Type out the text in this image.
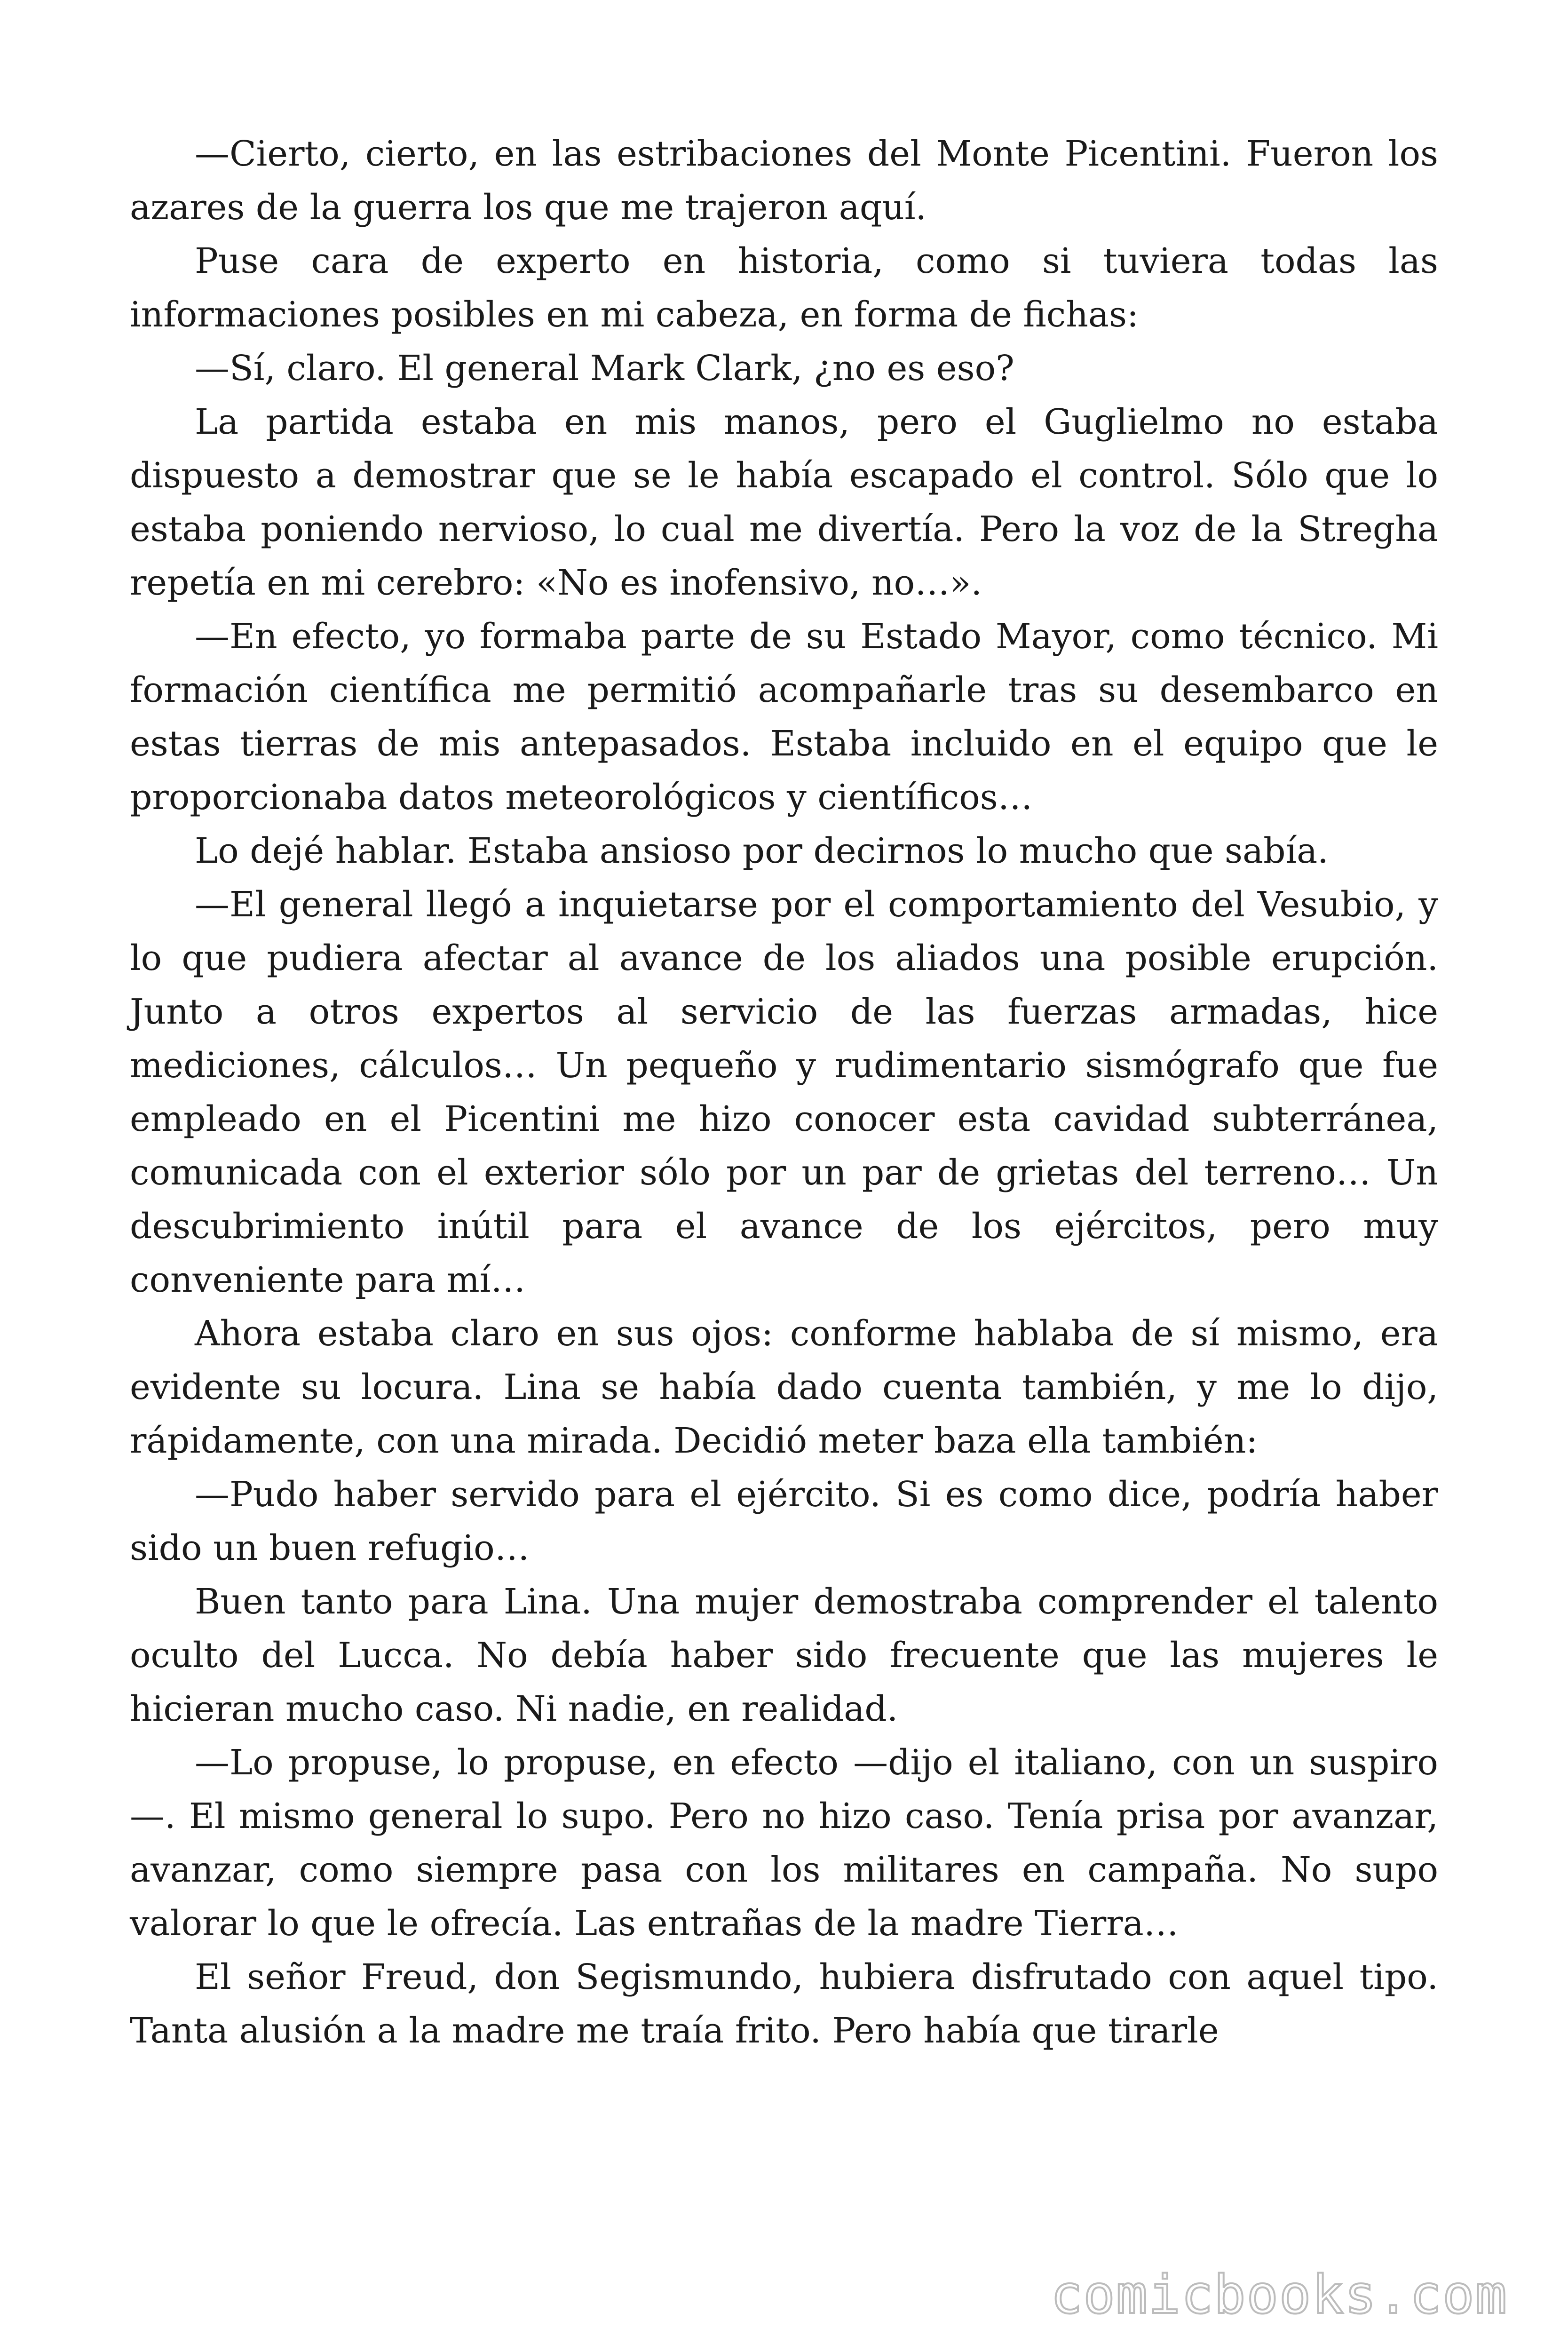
—Cierto, cierto, en las estribaciones del Monte Picentini. Fueron los azares de la guerra los que me trajeron aquí.

Puse cara de experto en historia, como si tuviera todas las informaciones posibles en mi cabeza, en forma de fichas:

—Sí, claro. El general Mark Clark, ¿no es eso?

La partida estaba en mis manos, pero el Guglielmo no estaba dispuesto a demostrar que se le había escapado el control. Sólo que lo estaba poniendo nervioso, lo cual me divertía. Pero la voz de la Stregha repetía en mi cerebro: «No es inofensivo, no…».

—En efecto, yo formaba parte de su Estado Mayor, como técnico. Mi formación científica me permitió acompañarle tras su desembarco en estas tierras de mis antepasados. Estaba incluido en el equipo que le proporcionaba datos meteorológicos y científicos…

Lo dejé hablar. Estaba ansioso por decirnos lo mucho que sabía.

—El general llegó a inquietarse por el comportamiento del Vesubio, y lo que pudiera afectar al avance de los aliados una posible erupción. Junto a otros expertos al servicio de las fuerzas armadas, hice mediciones, cálculos… Un pequeño y rudimentario sismógrafo que fue empleado en el Picentini me hizo conocer esta cavidad subterránea, comunicada con el exterior sólo por un par de grietas del terreno… Un descubrimiento inútil para el avance de los ejércitos, pero muy conveniente para mí…

Ahora estaba claro en sus ojos: conforme hablaba de sí mismo, era evidente su locura. Lina se había dado cuenta también, y me lo dijo, rápidamente, con una mirada. Decidió meter baza ella también:

—Pudo haber servido para el ejército. Si es como dice, podría haber sido un buen refugio…

Buen tanto para Lina. Una mujer demostraba comprender el talento oculto del Lucca. No debía haber sido frecuente que las mujeres le hicieran mucho caso. Ni nadie, en realidad.

—Lo propuse, lo propuse, en efecto —dijo el italiano, con un suspiro—. El mismo general lo supo. Pero no hizo caso. Tenía prisa por avanzar, avanzar, como siempre pasa con los militares en campaña. No supo valorar lo que le ofrecía. Las entrañas de la madre Tierra…

El señor Freud, don Segismundo, hubiera disfrutado con aquel tipo. Tanta alusión a la madre me traía frito. Pero había que tirarle

comicbooks.com
